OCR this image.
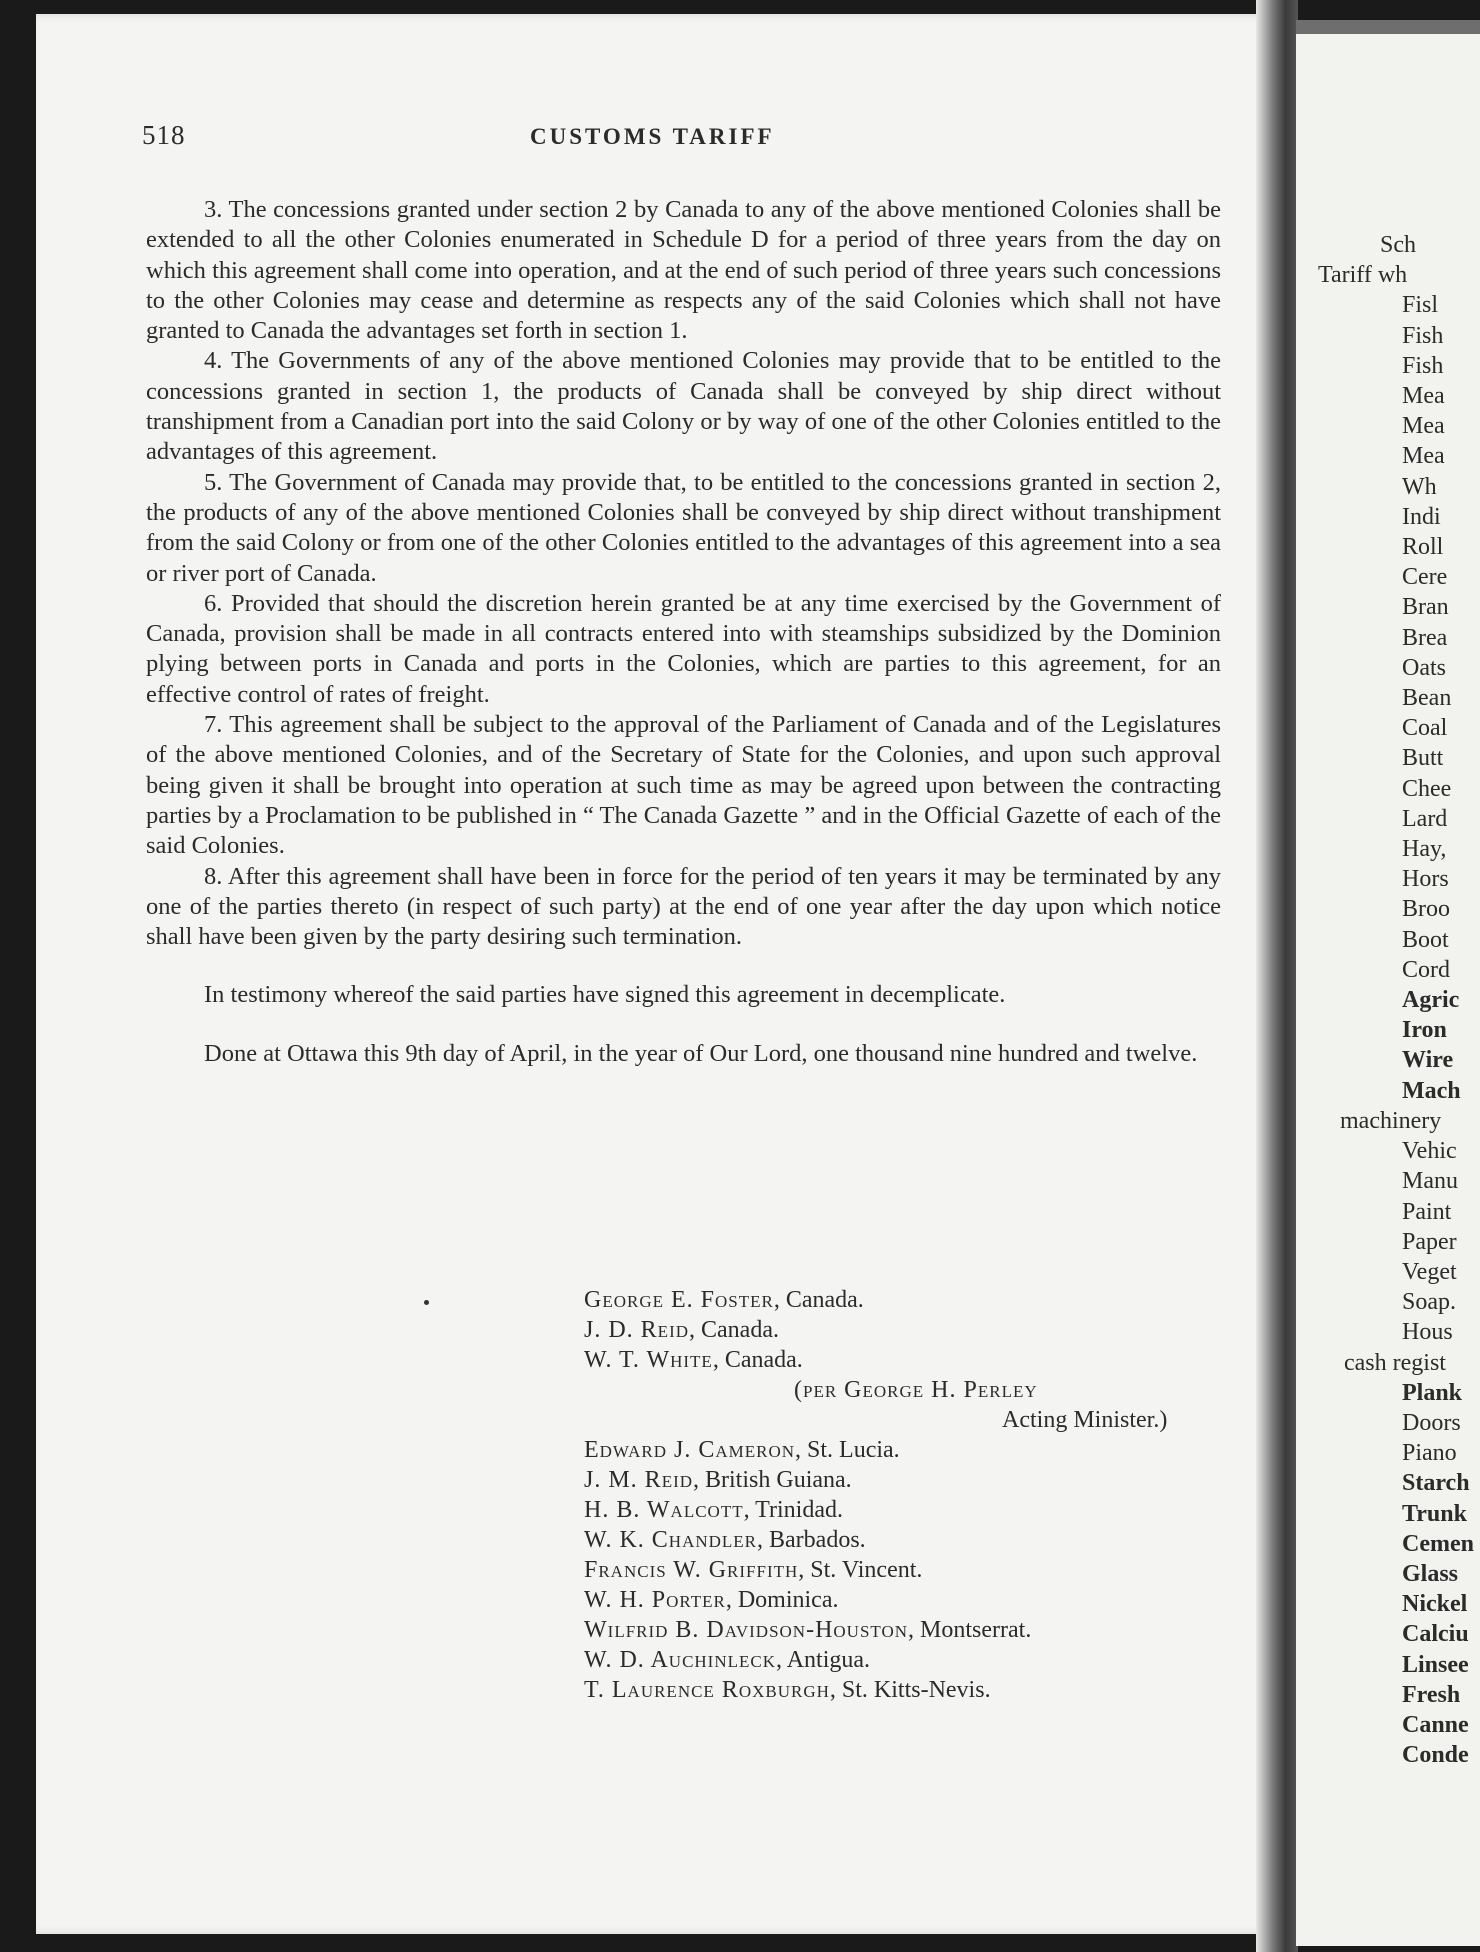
518	CUSTOMS TARIFF

3. The concessions granted under section 2 by Canada to any of the above mentioned Colonies shall be extended to all the other Colonies enumerated in Schedule D for a period of three years from the day on which this agreement shall come into operation, and at the end of such period of three years such concessions to the other Colonies may cease and determine as respects any of the said Colonies which shall not have granted to Canada the advantages set forth in section 1.

4. The Governments of any of the above mentioned Colonies may provide that to be entitled to the concessions granted in section 1, the products of Canada shall be conveyed by ship direct without transhipment from a Canadian port into the said Colony or by way of one of the other Colonies entitled to the advantages of this agreement.

5. The Government of Canada may provide that, to be entitled to the concessions granted in section 2, the products of any of the above mentioned Colonies shall be conveyed by ship direct without transhipment from the said Colony or from one of the other Colonies entitled to the advantages of this agreement into a sea or river port of Canada.

6. Provided that should the discretion herein granted be at any time exercised by the Government of Canada, provision shall be made in all contracts entered into with steamships subsidized by the Dominion plying between ports in Canada and ports in the Colonies, which are parties to this agreement, for an effective control of rates of freight.

7. This agreement shall be subject to the approval of the Parliament of Canada and of the Legislatures of the above mentioned Colonies, and of the Secretary of State for the Colonies, and upon such approval being given it shall be brought into operation at such time as may be agreed upon between the contracting parties by a Proclamation to be published in “ The Canada Gazette ” and in the Official Gazette of each of the said Colonies.

8. After this agreement shall have been in force for the period of ten years it may be terminated by any one of the parties thereto (in respect of such party) at the end of one year after the day upon which notice shall have been given by the party desiring such termination.

In testimony whereof the said parties have signed this agreement in decemplicate.

Done at Ottawa this 9th day of April, in the year of Our Lord, one thousand nine hundred and twelve.

George E. Foster, Canada.
J. D. Reid, Canada.
W. T. White, Canada.
(per George H. Perley
Acting Minister.)
Edward J. Cameron, St. Lucia.
J. M. Reid, British Guiana.
H. B. Walcott, Trinidad.
W. K. Chandler, Barbados.
Francis W. Griffith, St. Vincent.
W. H. Porter, Dominica.
Wilfrid B. Davidson-Houston, Montserrat.
W. D. Auchinleck, Antigua.
T. Laurence Roxburgh, St. Kitts-Nevis.
Sch
Tariff wh
Fisl
Fish
Fish
Mea
Mea
Mea
Wh
Indi
Roll
Cere
Bran
Brea
Oats
Bean
Coal
Butt
Chee
Lard
Hay,
Hors
Broo
Boot
Cord
Agric
Iron
Wire
Mach
machinery
Vehic
Manu
Paint
Paper
Veget
Soap.
Hous
cash regist
Plank
Doors
Piano
Starch
Trunk
Cemen
Glass
Nickel
Calciu
Linsee
Fresh
Canne
Conde
